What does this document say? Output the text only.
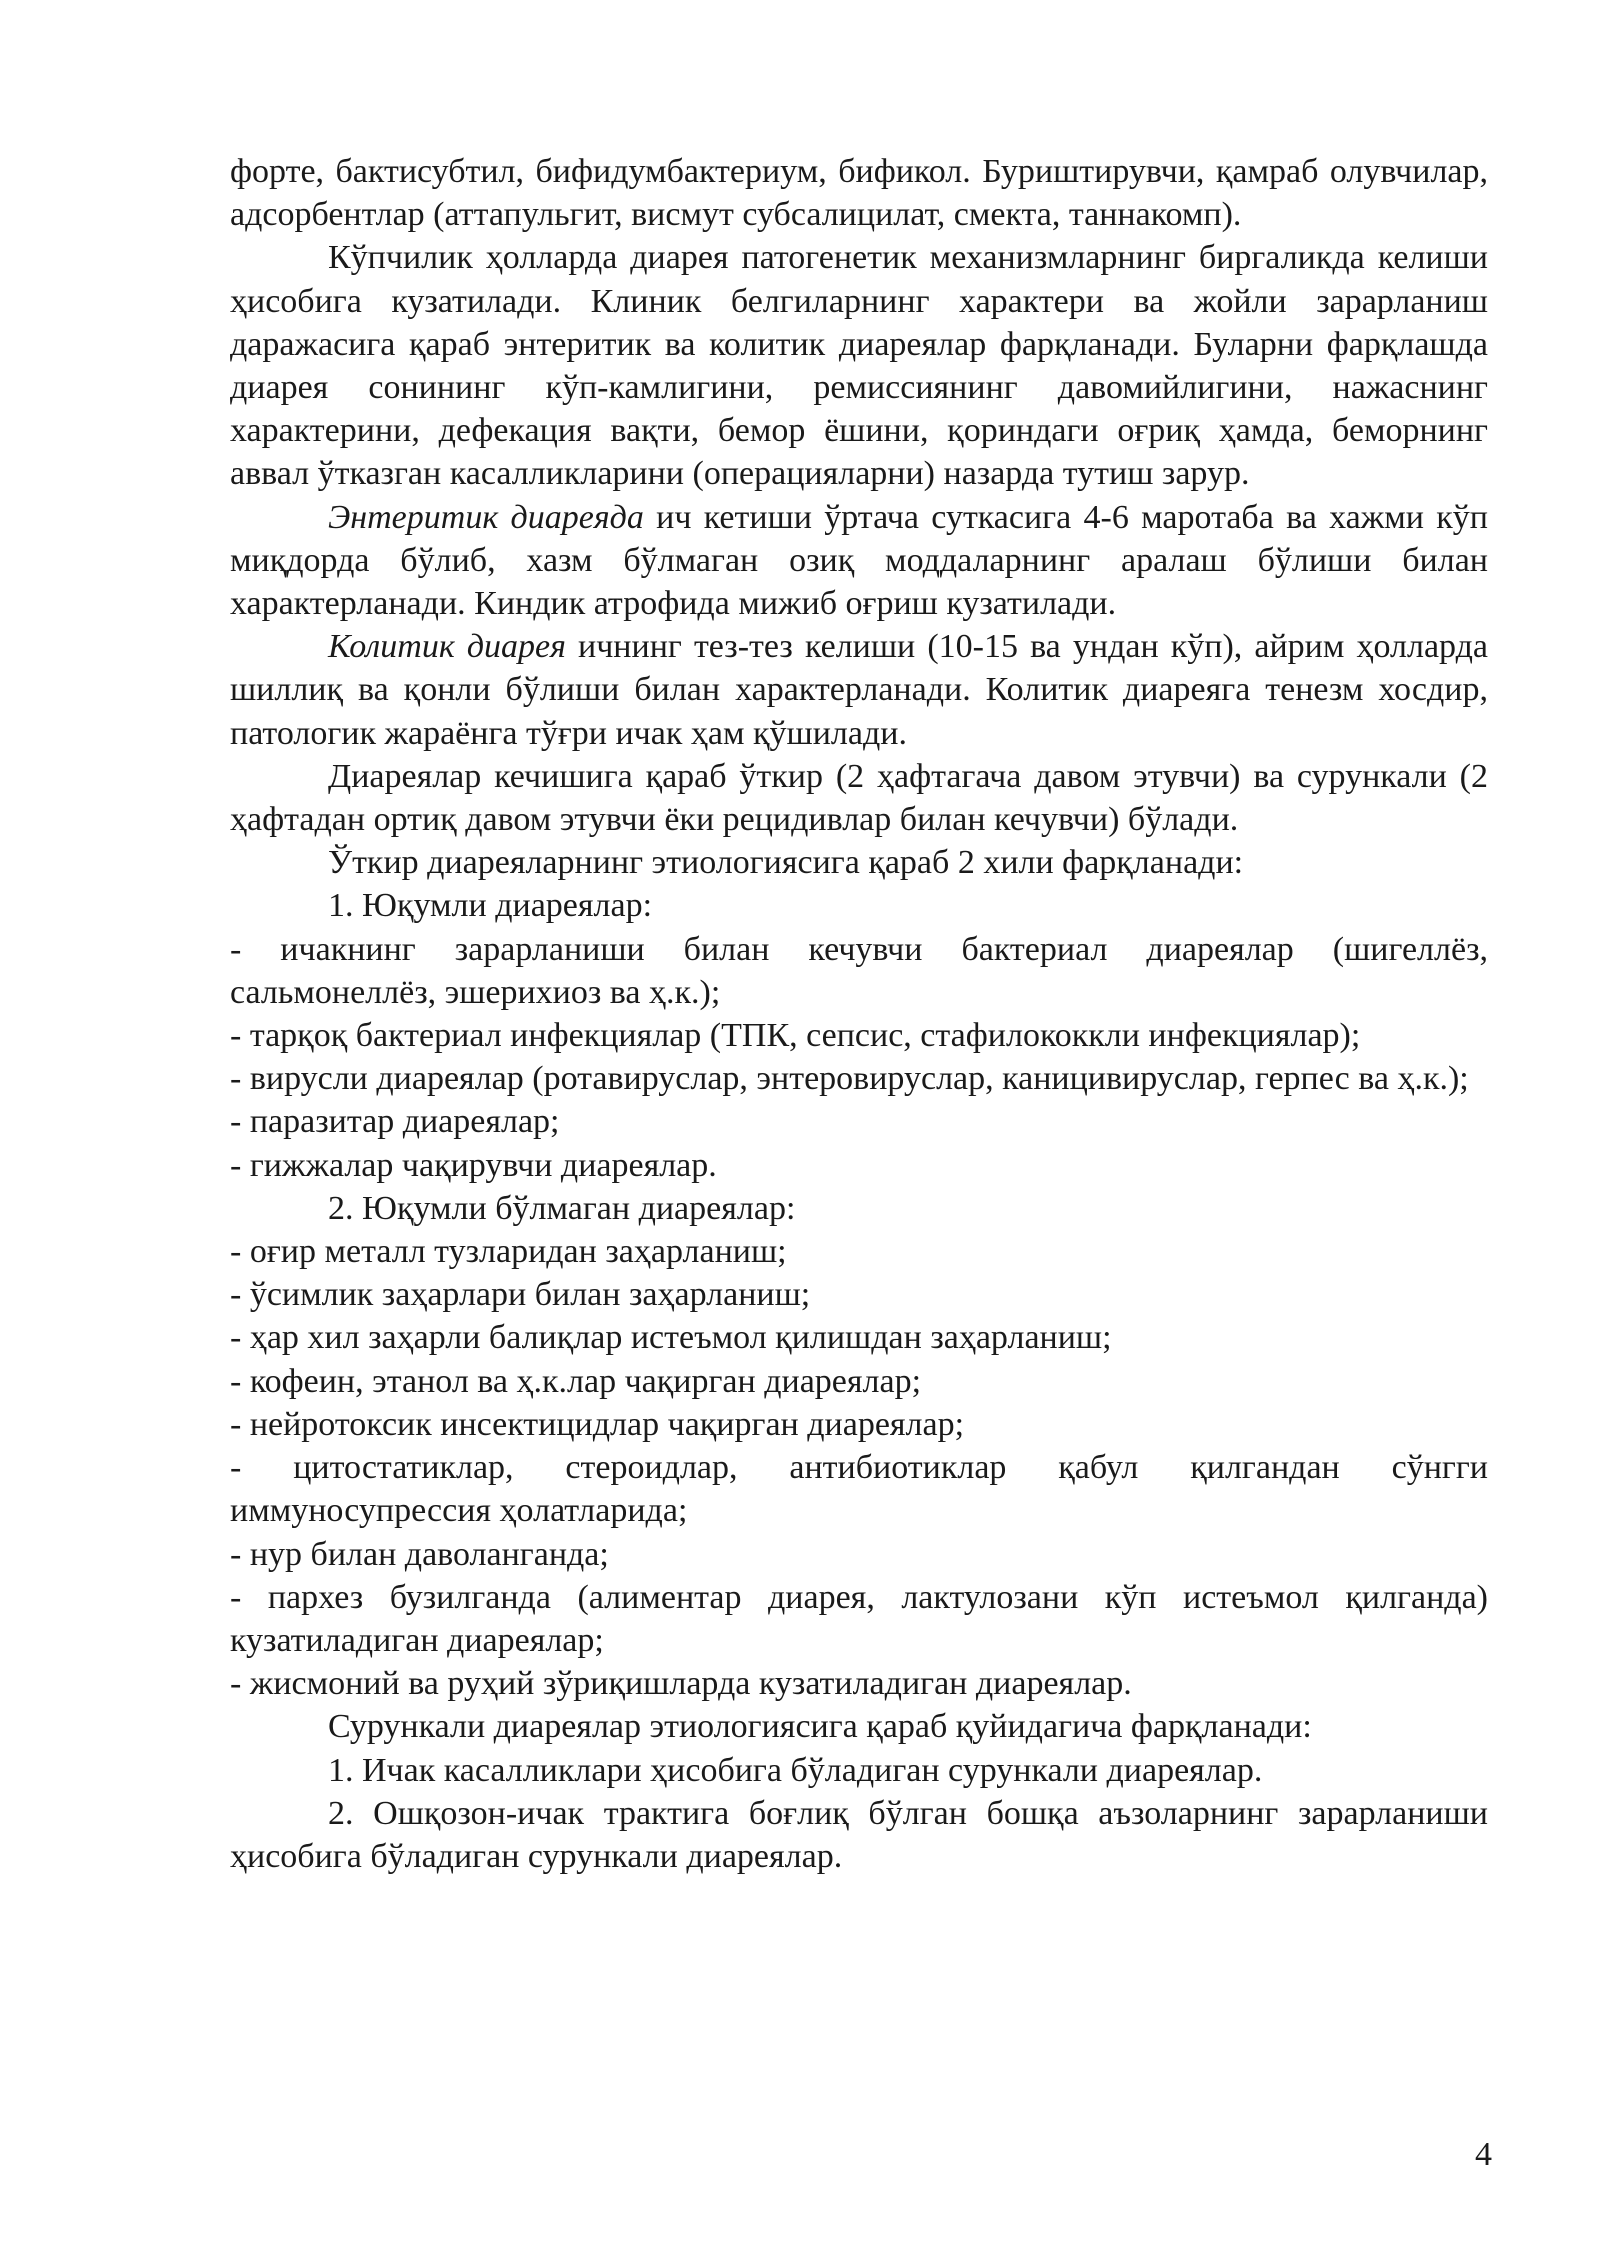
форте, бактисубтил, бифидумбактериум, бификол. Буриштирувчи, қамраб олувчилар, адсорбентлар (аттапульгит, висмут субсалицилат, смекта, таннакомп).

Кўпчилик ҳолларда диарея патогенетик механизмларнинг биргаликда келиши ҳисобига кузатилади. Клиник белгиларнинг характери ва жойли зарарланиш даражасига қараб энтеритик ва колитик диареялар фарқланади. Буларни фарқлашда диарея сонининг кўп-камлигини, ремиссиянинг давомийлигини, нажаснинг характерини, дефекация вақти, бемор ёшини, қориндаги оғриқ ҳамда, беморнинг аввал ўтказган касалликларини (операцияларни) назарда тутиш зарур.

Энтеритик диареяда ич кетиши ўртача суткасига 4-6 маротаба ва хажми кўп миқдорда бўлиб, хазм бўлмаган озиқ моддаларнинг аралаш бўлиши билан характерланади. Киндик атрофида мижиб оғриш кузатилади.

Колитик диарея ичнинг тез-тез келиши (10-15 ва ундан кўп), айрим ҳолларда шиллиқ ва қонли бўлиши билан характерланади. Колитик диареяга тенезм хосдир, патологик жараёнга тўғри ичак ҳам қўшилади.

Диареялар кечишига қараб ўткир (2 ҳафтагача давом этувчи) ва сурункали (2 ҳафтадан ортиқ давом этувчи ёки рецидивлар билан кечувчи) бўлади.

Ўткир диареяларнинг этиологиясига қараб 2 хили фарқланади:

1. Юқумли диареялар:

- ичакнинг зарарланиши билан кечувчи бактериал диареялар (шигеллёз, сальмонеллёз, эшерихиоз ва ҳ.к.);

- тарқоқ бактериал инфекциялар (ТПК, сепсис, стафилококкли инфекциялар);

- вирусли диареялар (ротавируслар, энтеровируслар, каницивируслар, герпес ва ҳ.к.);

- паразитар диареялар;

- гижжалар чақирувчи диареялар.

2. Юқумли бўлмаган диареялар:

- оғир металл тузларидан заҳарланиш;

- ўсимлик заҳарлари билан заҳарланиш;

- ҳар хил заҳарли балиқлар истеъмол қилишдан заҳарланиш;

- кофеин, этанол ва ҳ.к.лар чақирган диареялар;

- нейротоксик инсектицидлар чақирган диареялар;

- цитостатиклар, стероидлар, антибиотиклар қабул қилгандан сўнгги иммуносупрессия ҳолатларида;

- нур билан даволанганда;

- пархез бузилганда (алиментар диарея, лактулозани кўп истеъмол қилганда) кузатиладиган диареялар;

- жисмоний ва руҳий зўриқишларда кузатиладиган диареялар.

Сурункали диареялар этиологиясига қараб қуйидагича фарқланади:

1. Ичак касалликлари ҳисобига бўладиган сурункали диареялар.

2. Ошқозон-ичак трактига боғлиқ бўлган бошқа аъзоларнинг зарарланиши ҳисобига бўладиган сурункали диареялар.

4
